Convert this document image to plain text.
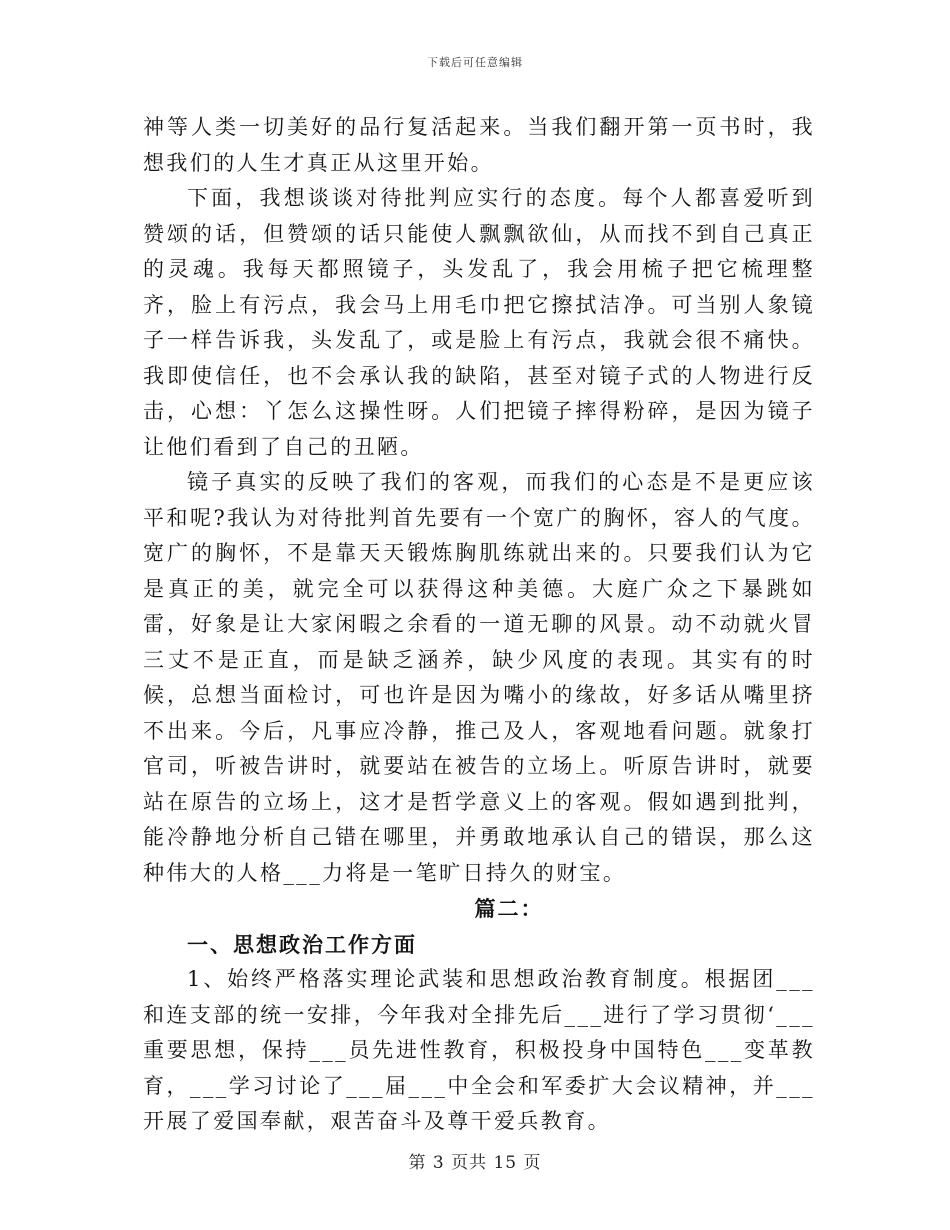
下载后可任意编辑

神等人类一切美好的品行复活起来。当我们翻开第一页书时，我想我们的人生才真正从这里开始。

下面，我想谈谈对待批判应实行的态度。每个人都喜爱听到赞颂的话，但赞颂的话只能使人飘飘欲仙，从而找不到自己真正的灵魂。我每天都照镜子，头发乱了，我会用梳子把它梳理整齐，脸上有污点，我会马上用毛巾把它擦拭洁净。可当别人象镜子一样告诉我，头发乱了，或是脸上有污点，我就会很不痛快。我即使信任，也不会承认我的缺陷，甚至对镜子式的人物进行反击，心想：丫怎么这操性呀。人们把镜子摔得粉碎，是因为镜子让他们看到了自己的丑陋。

镜子真实的反映了我们的客观，而我们的心态是不是更应该平和呢?我认为对待批判首先要有一个宽广的胸怀，容人的气度。宽广的胸怀，不是靠天天锻炼胸肌练就出来的。只要我们认为它是真正的美，就完全可以获得这种美德。大庭广众之下暴跳如雷，好象是让大家闲暇之余看的一道无聊的风景。动不动就火冒三丈不是正直，而是缺乏涵养，缺少风度的表现。其实有的时候，总想当面检讨，可也许是因为嘴小的缘故，好多话从嘴里挤不出来。今后，凡事应冷静，推己及人，客观地看问题。就象打官司，听被告讲时，就要站在被告的立场上。听原告讲时，就要站在原告的立场上，这才是哲学意义上的客观。假如遇到批判，能冷静地分析自己错在哪里，并勇敢地承认自己的错误，那么这种伟大的人格___力将是一笔旷日持久的财宝。

篇二：

一、思想政治工作方面

1、始终严格落实理论武装和思想政治教育制度。根据团___和连支部的统一安排，今年我对全排先后___进行了学习贯彻‘___重要思想，保持___员先进性教育，积极投身中国特色___变革教育，___学习讨论了___届___中全会和军委扩大会议精神，并___开展了爱国奉献，艰苦奋斗及尊干爱兵教育。

第 3 页共 15 页
